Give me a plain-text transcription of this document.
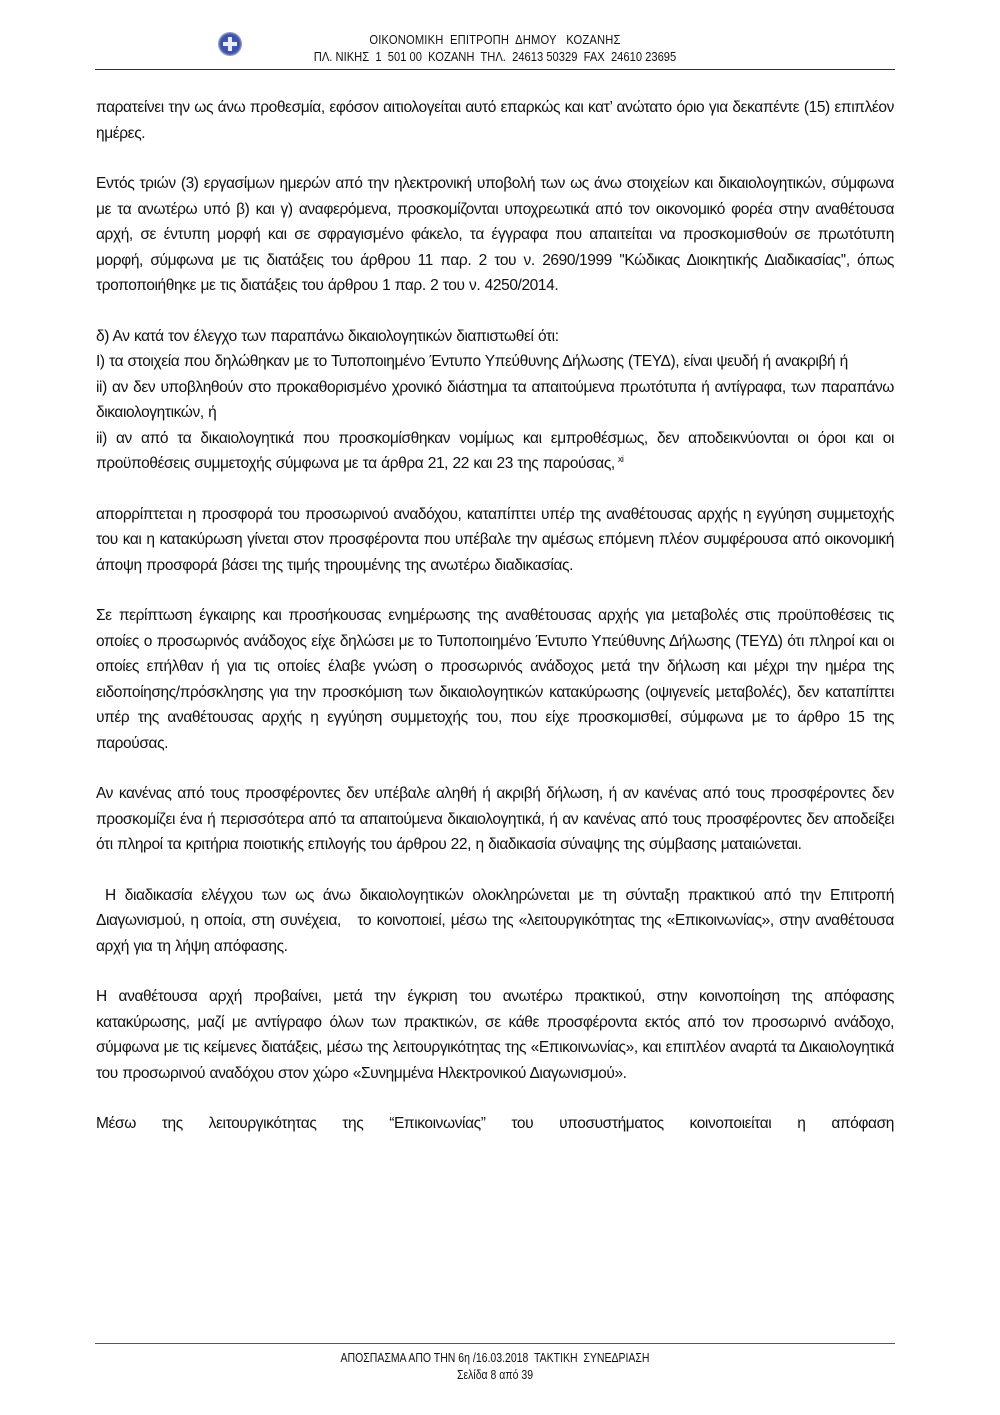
ΟΙΚΟΝΟΜΙΚΗ  ΕΠΙΤΡΟΠΗ  ΔΗΜΟΥ   ΚΟΖΑΝΗΣ
ΠΛ. ΝΙΚΗΣ  1  501 00  ΚΟΖΑΝΗ  ΤΗΛ.  24613 50329  FAX  24610 23695

παρατείνει την ως άνω προθεσμία, εφόσον αιτιολογείται αυτό επαρκώς και κατ’ ανώτατο όριο για δεκαπέντε (15) επιπλέον ημέρες.

Εντός τριών (3) εργασίμων ημερών από την ηλεκτρονική υποβολή των ως άνω στοιχείων και δικαιολογητικών, σύμφωνα με τα ανωτέρω υπό β) και γ) αναφερόμενα, προσκομίζονται υποχρεωτικά από τον οικονομικό φορέα στην αναθέτουσα αρχή, σε έντυπη μορφή και σε σφραγισμένο φάκελο, τα έγγραφα που απαιτείται να προσκομισθούν σε πρωτότυπη μορφή, σύμφωνα με τις διατάξεις του άρθρου 11 παρ. 2 του ν. 2690/1999 ''Κώδικας Διοικητικής Διαδικασίας'', όπως τροποποιήθηκε με τις διατάξεις του άρθρου 1 παρ. 2 του ν. 4250/2014.

δ) Αν κατά τον έλεγχο των παραπάνω δικαιολογητικών διαπιστωθεί ότι:

Ι) τα στοιχεία που δηλώθηκαν με το Τυποποιημένο Έντυπο Υπεύθυνης Δήλωσης (ΤΕΥΔ), είναι ψευδή ή ανακριβή ή

ii) αν δεν υποβληθούν στο προκαθορισμένο χρονικό διάστημα τα απαιτούμενα πρωτότυπα ή αντίγραφα, των παραπάνω δικαιολογητικών, ή

ii) αν από τα δικαιολογητικά που προσκομίσθηκαν νομίμως και εμπροθέσμως, δεν αποδεικνύονται οι όροι και οι προϋποθέσεις συμμετοχής σύμφωνα με τα άρθρα 21, 22 και 23 της παρούσας, $^{xi}$

απορρίπτεται η προσφορά του προσωρινού αναδόχου, καταπίπτει υπέρ της αναθέτουσας αρχής η εγγύηση συμμετοχής του και η κατακύρωση γίνεται στον προσφέροντα που υπέβαλε την αμέσως επόμενη πλέον συμφέρουσα από οικονομική άποψη προσφορά βάσει της τιμής τηρουμένης της ανωτέρω διαδικασίας.

Σε περίπτωση έγκαιρης και προσήκουσας ενημέρωσης της αναθέτουσας αρχής για μεταβολές στις προϋποθέσεις τις οποίες ο προσωρινός ανάδοχος είχε δηλώσει με το Τυποποιημένο Έντυπο Υπεύθυνης Δήλωσης (ΤΕΥΔ) ότι πληροί και οι οποίες επήλθαν ή για τις οποίες έλαβε γνώση ο προσωρινός ανάδοχος μετά την δήλωση και μέχρι την ημέρα της ειδοποίησης/πρόσκλησης για την προσκόμιση των δικαιολογητικών κατακύρωσης (οψιγενείς μεταβολές), δεν καταπίπτει υπέρ της αναθέτουσας αρχής η εγγύηση συμμετοχής του, που είχε προσκομισθεί, σύμφωνα με το άρθρο 15 της παρούσας.

Αν κανένας από τους προσφέροντες δεν υπέβαλε αληθή ή ακριβή δήλωση, ή αν κανένας από τους προσφέροντες δεν προσκομίζει ένα ή περισσότερα από τα απαιτούμενα δικαιολογητικά, ή αν κανένας από τους προσφέροντες δεν αποδείξει ότι πληροί τα κριτήρια ποιοτικής επιλογής του άρθρου 22, η διαδικασία σύναψης της σύμβασης ματαιώνεται.

Η διαδικασία ελέγχου των ως άνω δικαιολογητικών ολοκληρώνεται με τη σύνταξη πρακτικού από την Επιτροπή Διαγωνισμού, η οποία, στη συνέχεια,   το κοινοποιεί, μέσω της «λειτουργικότητας της «Επικοινωνίας», στην αναθέτουσα αρχή για τη λήψη απόφασης.

Η αναθέτουσα αρχή προβαίνει, μετά την έγκριση του ανωτέρω πρακτικού, στην κοινοποίηση της απόφασης κατακύρωσης, μαζί με αντίγραφο όλων των πρακτικών, σε κάθε προσφέροντα εκτός από τον προσωρινό ανάδοχο, σύμφωνα με τις κείμενες διατάξεις, μέσω της λειτουργικότητας της «Επικοινωνίας», και επιπλέον αναρτά τα Δικαιολογητικά του προσωρινού αναδόχου στον χώρο «Συνημμένα Ηλεκτρονικού Διαγωνισμού».

Μέσω της λειτουργικότητας της “Επικοινωνίας” του υποσυστήματος κοινοποιείται η απόφαση

ΑΠΟΣΠΑΣΜΑ ΑΠΟ ΤΗΝ 6η /16.03.2018  ΤΑΚΤΙΚΗ  ΣΥΝΕΔΡΙΑΣΗ
Σελίδα 8 από 39
